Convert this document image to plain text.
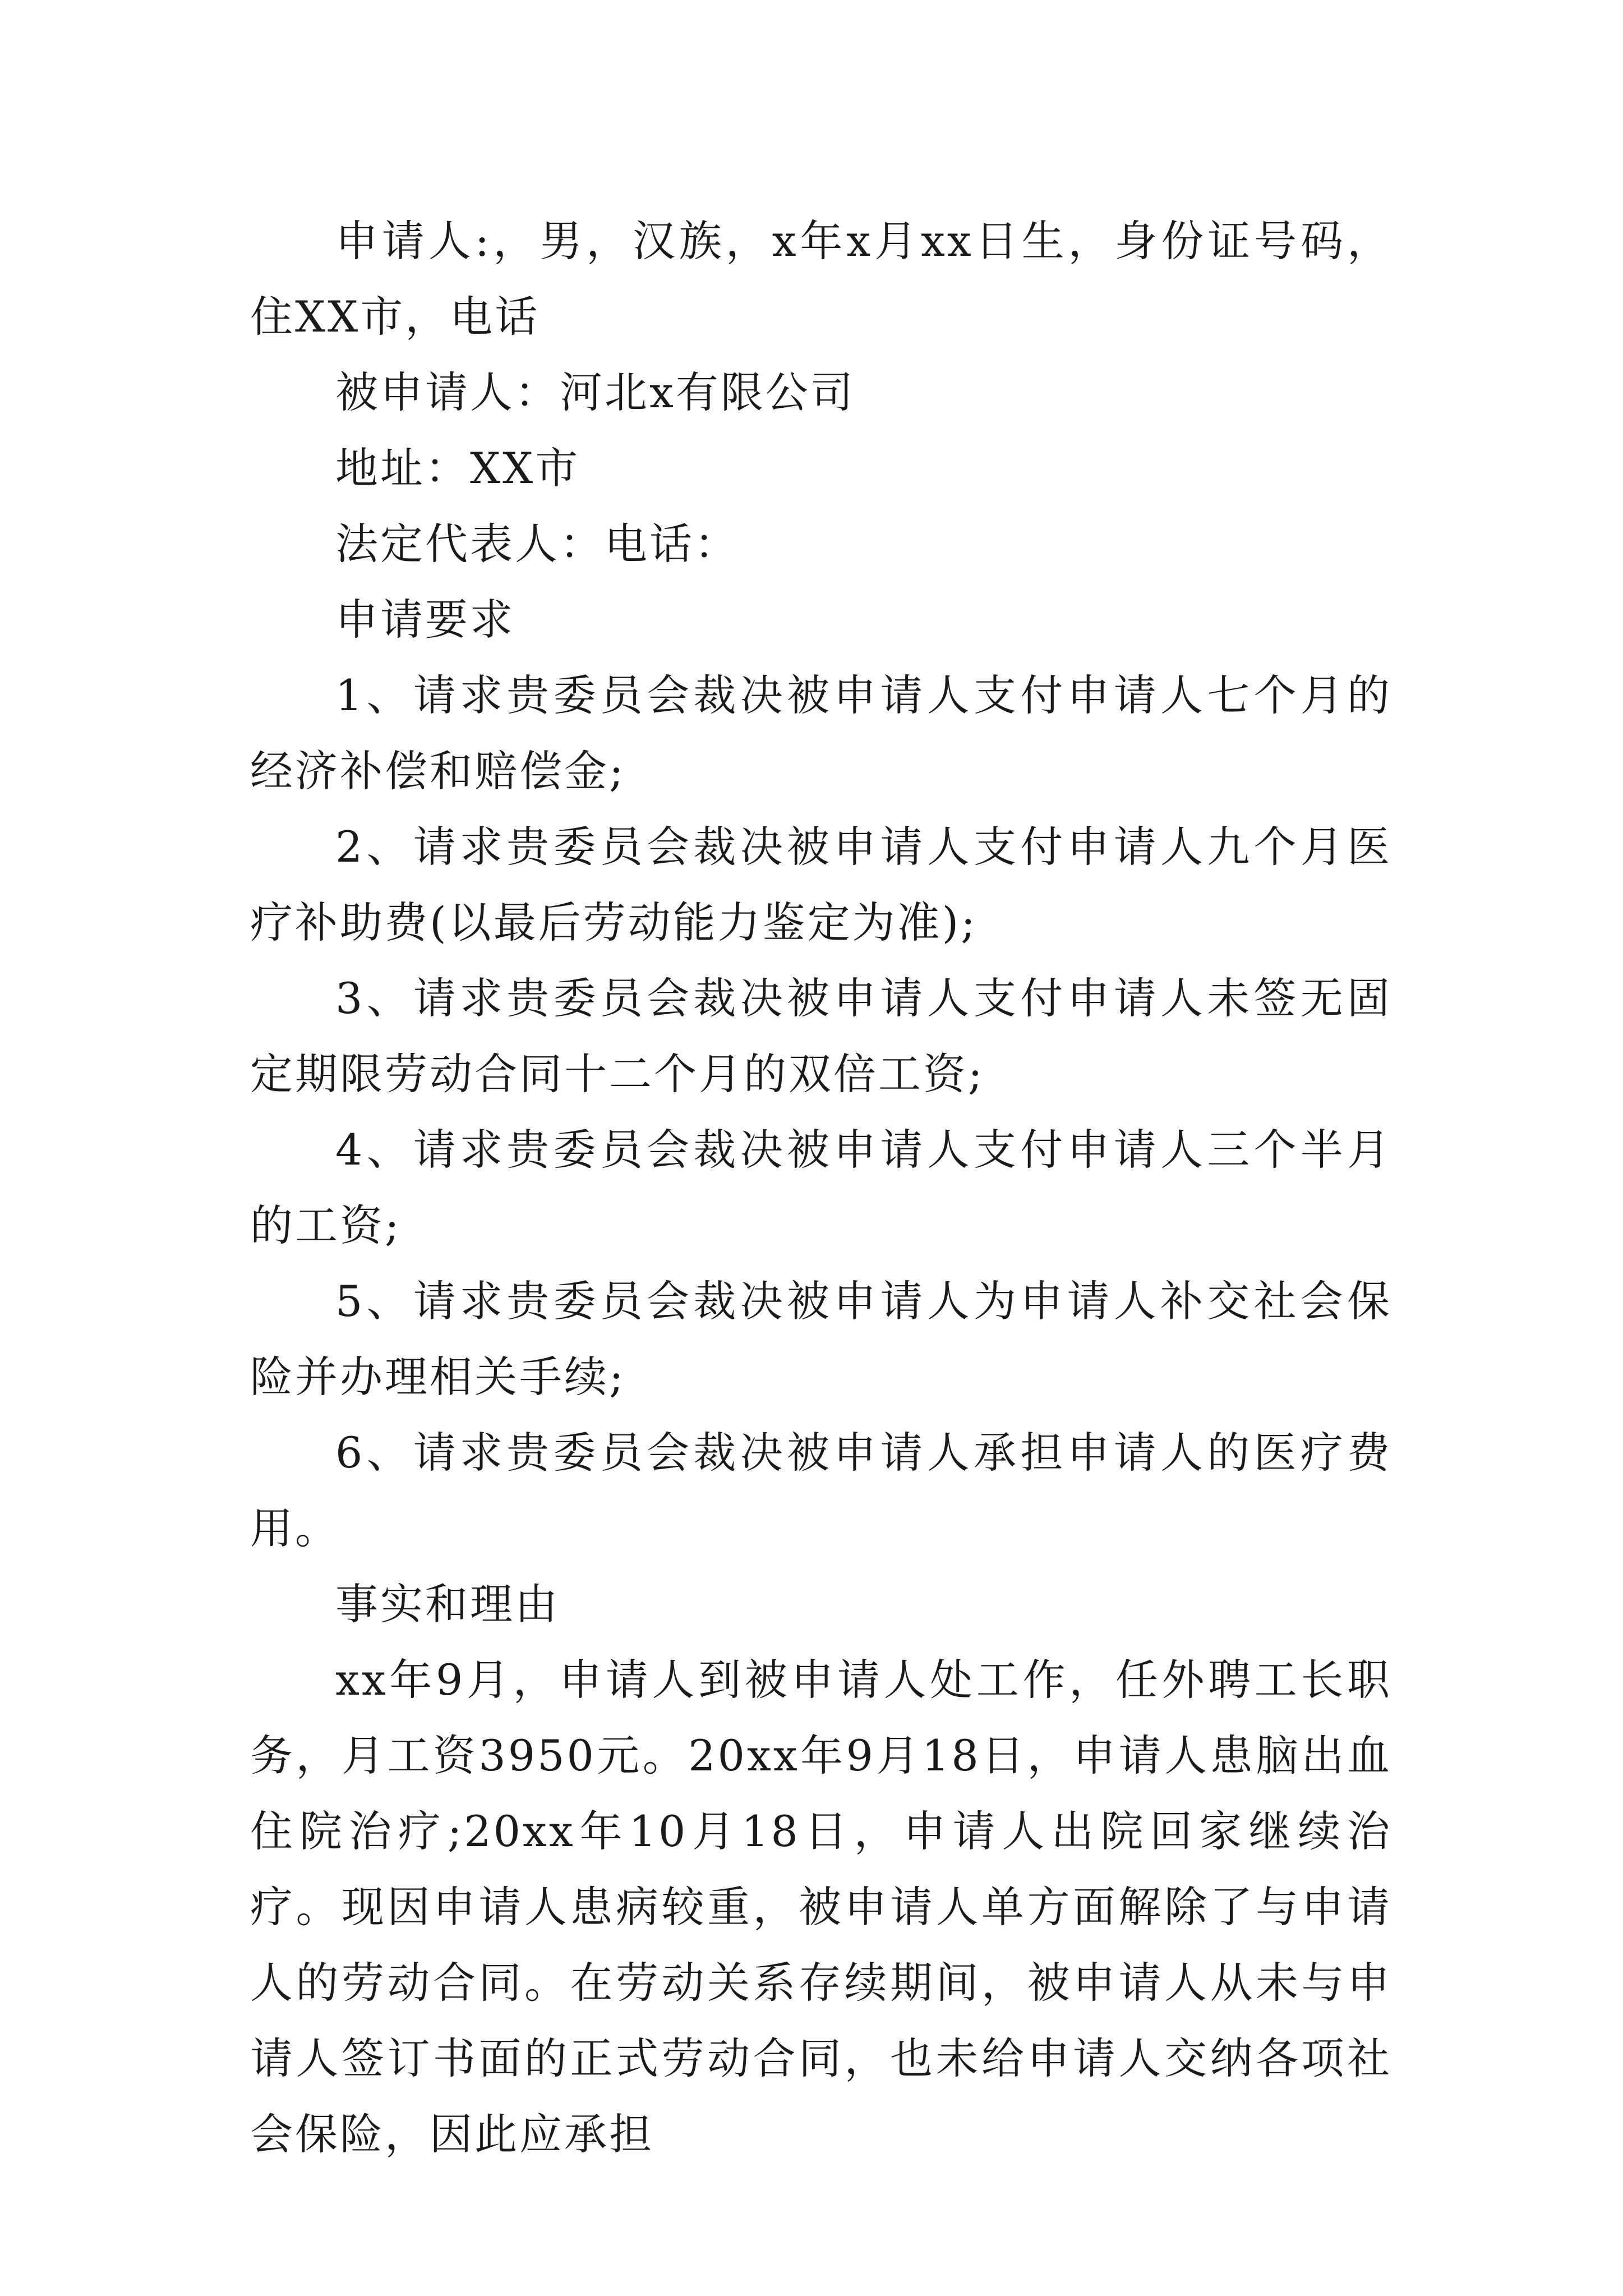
申请人:，男，汉族，x年x月xx日生，身份证号码，住XX市，电话

被申请人：河北x有限公司

地址：XX市

法定代表人：电话：

申请要求

1、请求贵委员会裁决被申请人支付申请人七个月的经济补偿和赔偿金;

2、请求贵委员会裁决被申请人支付申请人九个月医疗补助费(以最后劳动能力鉴定为准);

3、请求贵委员会裁决被申请人支付申请人未签无固定期限劳动合同十二个月的双倍工资;

4、请求贵委员会裁决被申请人支付申请人三个半月的工资;

5、请求贵委员会裁决被申请人为申请人补交社会保险并办理相关手续;

6、请求贵委员会裁决被申请人承担申请人的医疗费用。

事实和理由

xx年9月，申请人到被申请人处工作，任外聘工长职务，月工资3950元。20xx年9月18日，申请人患脑出血住院治疗;20xx年10月18日，申请人出院回家继续治疗。现因申请人患病较重，被申请人单方面解除了与申请人的劳动合同。在劳动关系存续期间，被申请人从未与申请人签订书面的正式劳动合同，也未给申请人交纳各项社会保险，因此应承担
